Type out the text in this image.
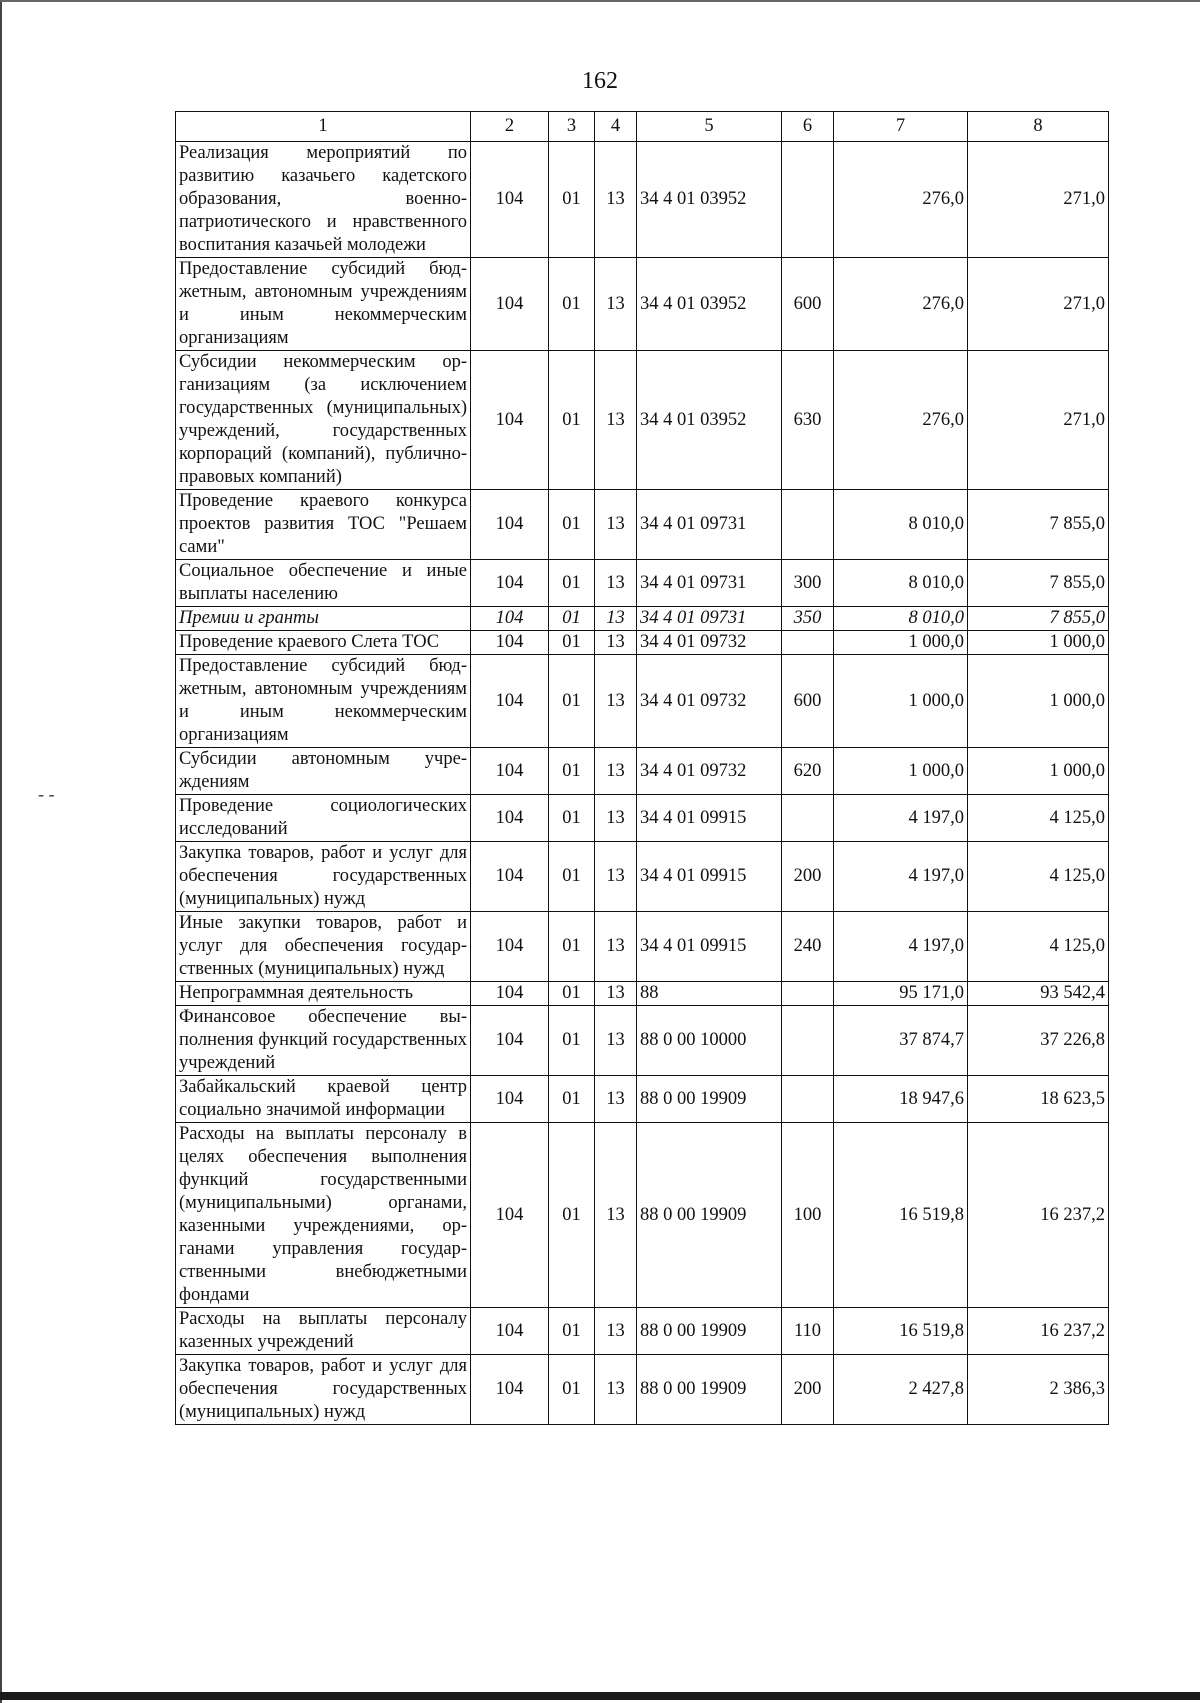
- -
162
1	2	3	4	5	6	7	8
Реализация мероприятий по развитию казачьего кадетского образования, военно-патриотического и нравственного воспитания казачьей молодежи	104	01	13	34 4 01 03952		276,0	271,0
Предоставление субсидий бюджетным, автономным учреждениям и иным некоммерческим организациям	104	01	13	34 4 01 03952	600	276,0	271,0
Субсидии некоммерческим организациям (за исключением государственных (муниципальных) учреждений, государственных корпораций (компаний), публично-правовых компаний)	104	01	13	34 4 01 03952	630	276,0	271,0
Проведение краевого конкурса проектов развития ТОС "Решаем сами"	104	01	13	34 4 01 09731		8 010,0	7 855,0
Социальное обеспечение и иные выплаты населению	104	01	13	34 4 01 09731	300	8 010,0	7 855,0
Премии и гранты	104	01	13	34 4 01 09731	350	8 010,0	7 855,0
Проведение краевого Слета ТОС	104	01	13	34 4 01 09732		1 000,0	1 000,0
Предоставление субсидий бюджетным, автономным учреждениям и иным некоммерческим организациям	104	01	13	34 4 01 09732	600	1 000,0	1 000,0
Субсидии автономным учреждениям	104	01	13	34 4 01 09732	620	1 000,0	1 000,0
Проведение социологических исследований	104	01	13	34 4 01 09915		4 197,0	4 125,0
Закупка товаров, работ и услуг для обеспечения государственных (муниципальных) нужд	104	01	13	34 4 01 09915	200	4 197,0	4 125,0
Иные закупки товаров, работ и услуг для обеспечения государственных (муниципальных) нужд	104	01	13	34 4 01 09915	240	4 197,0	4 125,0
Непрограммная деятельность	104	01	13	88		95 171,0	93 542,4
Финансовое обеспечение выполнения функций государственных учреждений	104	01	13	88 0 00 10000		37 874,7	37 226,8
Забайкальский краевой центр социально значимой информации	104	01	13	88 0 00 19909		18 947,6	18 623,5
Расходы на выплаты персоналу в целях обеспечения выполнения функций государственными (муниципальными) органами, казенными учреждениями, органами управления государственными внебюджетными фондами	104	01	13	88 0 00 19909	100	16 519,8	16 237,2
Расходы на выплаты персоналу казенных учреждений	104	01	13	88 0 00 19909	110	16 519,8	16 237,2
Закупка товаров, работ и услуг для обеспечения государственных (муниципальных) нужд	104	01	13	88 0 00 19909	200	2 427,8	2 386,3
